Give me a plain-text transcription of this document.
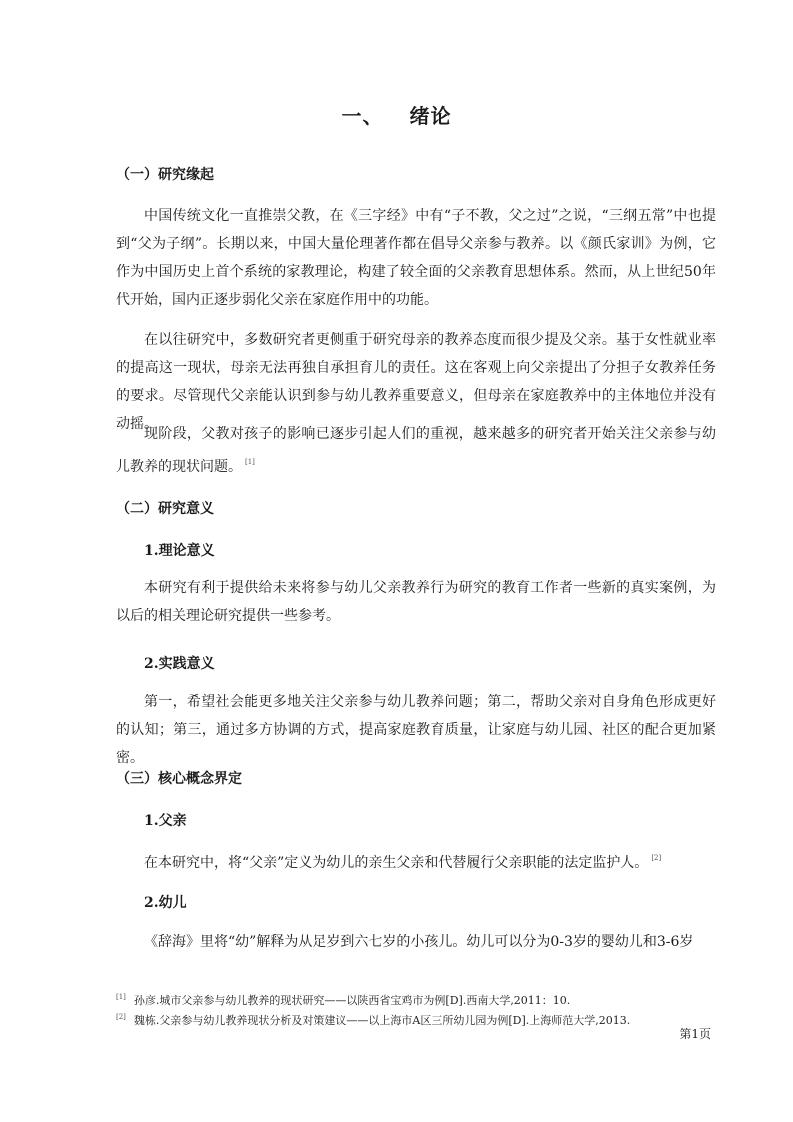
一、 绪论
（一）研究缘起
中国传统文化一直推崇父教，在《三字经》中有“子不教，父之过”之说，“三纲五常”中也提到“父为子纲”。长期以来，中国大量伦理著作都在倡导父亲参与教养。以《颜氏家训》为例，它作为中国历史上首个系统的家教理论，构建了较全面的父亲教育思想体系。然而，从上世纪50年代开始，国内正逐步弱化父亲在家庭作用中的功能。
在以往研究中，多数研究者更侧重于研究母亲的教养态度而很少提及父亲。基于女性就业率的提高这一现状，母亲无法再独自承担育儿的责任。这在客观上向父亲提出了分担子女教养任务的要求。尽管现代父亲能认识到参与幼儿教养重要意义，但母亲在家庭教养中的主体地位并没有动摇。
现阶段，父教对孩子的影响已逐步引起人们的重视，越来越多的研究者开始关注父亲参与幼儿教养的现状问题。 [1]
（二）研究意义
1.理论意义
本研究有利于提供给未来将参与幼儿父亲教养行为研究的教育工作者一些新的真实案例，为以后的相关理论研究提供一些参考。
2.实践意义
第一，希望社会能更多地关注父亲参与幼儿教养问题；第二，帮助父亲对自身角色形成更好的认知；第三，通过多方协调的方式，提高家庭教育质量，让家庭与幼儿园、社区的配合更加紧密。
（三）核心概念界定
1.父亲
在本研究中，将“父亲”定义为幼儿的亲生父亲和代替履行父亲职能的法定监护人。 [2]
2.幼儿
《辞海》里将“幼”解释为从足岁到六七岁的小孩儿。幼儿可以分为0-3岁的婴幼儿和3-6岁
[1] 孙彦.城市父亲参与幼儿教养的现状研究——以陕西省宝鸡市为例[D].西南大学,2011：10.
[2] 魏栋.父亲参与幼儿教养现状分析及对策建议——以上海市A区三所幼儿园为例[D].上海师范大学,2013.
第1页
